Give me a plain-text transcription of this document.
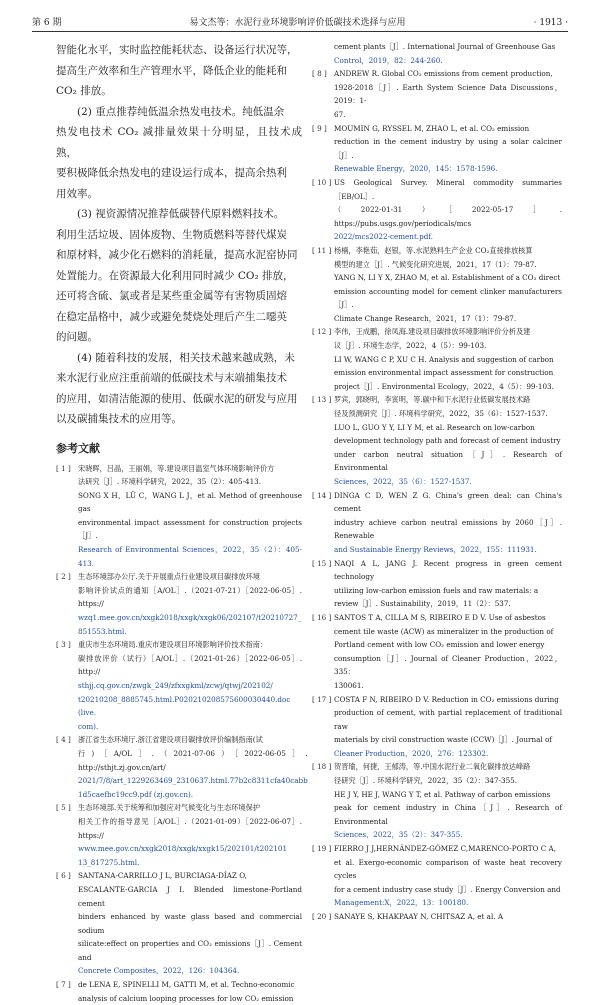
第 6 期	易文杰等：水泥行业环境影响评价低碳技术选择与应用	· 1913 ·
智能化水平，实时监控能耗状态、设备运行状况等，
提高生产效率和生产管理水平，降低企业的能耗和
CO₂ 排放。
(2) 重点推荐纯低温余热发电技术。纯低温余
热发电技术 CO₂ 减排量效果十分明显，且技术成熟，
要积极降低余热发电的建设运行成本，提高余热利
用效率。
(3) 视资源情况推荐低碳替代原料燃料技术。
利用生活垃圾、固体废物、生物质燃料等替代煤炭
和原材料，减少化石燃料的消耗量，提高水泥窑协同
处置能力。在资源最大化利用同时减少 CO₂ 排放，
还可将含硫、氯或者是某些重金属等有害物质固熔
在稳定晶格中，减少或避免焚烧处理后产生二噁英
的问题。
(4) 随着科技的发展，相关技术越来越成熟，未
来水泥行业应注重前端的低碳技术与末端捕集技术
的应用，如清洁能源的使用、低碳水泥的研发与应用
以及碳捕集技术的应用等。
参考文献
[ 1 ]	宋晓晖，吕晶，王丽娟，等.建设项目温室气体环境影响评价方
法研究［J］. 环境科学研究，2022，35（2）：405-413.
SONG X H，LÜ C，WANG L J，et al. Method of greenhouse gas
environmental impact assessment for construction projects［J］.
Research of Environmental Sciences，2022，35（2）：405-413.
[ 2 ]	生态环境部办公厅.关于开展重点行业建设项目碳排放环境
影响评价试点的通知［A/OL］.（2021-07-21）［2022-06-05］. https://
wzq1.mee.gov.cn/xxgk2018/xxgk/xxgk06/202107/t20210727_
851553.html.
[ 3 ]	重庆市生态环境局.重庆市建设项目环境影响评价技术指南：
碳排放评价（试行）［A/OL］.（2021-01-26）［2022-06-05］. http://
sthjj.cq.gov.cn/zwgk_249/zfxxgkml/zcwj/qtwj/202102/
t20210208_8885745.html.P020210208575600030440.doc (live.
com).
[ 4 ]	浙江省生态环境厅.浙江省建设项目碳排放评价编制指南(试
行)［A/OL］.（2021-07-06）［2022-06-05］. http://sthjt.zj.gov.cn/art/
2021/7/8/art_1229263469_2310637.html.77b2c8311cfa40cabb
1d5caefbc19cc9.pdf (zj.gov.cn).
[ 5 ]	生态环境部.关于统筹和加强应对气候变化与生态环境保护
相关工作的指导意见［A/OL］.（2021-01-09）［2022-06-07］. https://
www.mee.gov.cn/xxgk2018/xxgk/xxgk15/202101/t202101
13_817275.html.
[ 6 ]	SANTANA-CARRILLO J L, BURCIAGA-DÍAZ O,
ESCALANTE-GARCIA J I. Blended limestone-Portland cement
binders enhanced by waste glass based and commercial sodium
silicate:effect on properties and CO₂ emissions［J］. Cement and
Concrete Composites，2022，126：104364.
[ 7 ]	de LENA E, SPINELLI M, GATTI M, et al. Techno-economic
analysis of calcium looping processes for low CO₂ emission
cement plants［J］. International Journal of Greenhouse Gas
Control，2019，82：244-260.
[ 8 ]	ANDREW R. Global CO₂ emissions from cement production,
1928-2018［J］. Earth System Science Data Discussions，2019：1-
67.
[ 9 ]	MOUMIN G, RYSSEL M, ZHAO L, et al. CO₂ emission
reduction in the cement industry by using a solar calciner［J］.
Renewable Energy，2020，145：1578-1596.
[ 10 ] US Geological Survey. Mineral commodity summaries［EB/OL］.
（2022-01-31）［2022-05-17］. https://pubs.usgs.gov/periodicals/mcs
2022/mcs2022-cement.pdf.
[ 11 ] 杨楠，李艳茹，赵银，等.水泥熟料生产企业 CO₂直接排放核算
模型的建立［J］. 气候变化研究进展，2021，17（1）：79-87.
YANG N, LI Y X, ZHAO M, et al. Establishment of a CO₂ direct
emission accounting model for cement clinker manufacturers［J］.
Climate Change Research，2021，17（1）：79-87.
[ 12 ] 李伟，王成鹏，徐凤海.建设项目碳排放环境影响评价分析及建
议［J］. 环境生态学，2022，4（5）：99-103.
LI W, WANG C P, XU C H. Analysis and suggestion of carbon
emission environmental impact assessment for construction
project［J］. Environmental Ecology，2022，4（5）：99-103.
[ 13 ] 罗宾，郭晓明，李寅明，等.碳中和下水泥行业低碳发展技术路
径及预测研究［J］. 环境科学研究，2022，35（6）：1527-1537.
LUO L, GUO Y Y, LI Y M, et al. Research on low-carbon
development technology path and forecast of cement industry
under carbon neutral situation［J］. Research of Environmental
Sciences，2022，35（6）：1527-1537.
[ 14 ] DINGA C D, WEN Z G. China's green deal: can China's cement
industry achieve carbon neutral emissions by 2060［J］. Renewable
and Sustainable Energy Reviews，2022，155：111931.
[ 15 ] NAQI A L, JANG J. Recent progress in green cement technology
utilizing low-carbon emission fuels and raw materials: a
review［J］. Sustainability，2019，11（2）：537.
[ 16 ] SANTOS T A, CILLA M S, RIBEIRO E D V. Use of asbestos
cement tile waste (ACW) as mineralizer in the production of
Portland cement with low CO₂ emission and lower energy
consumption［J］. Journal of Cleaner Production，2022，335：
130061.
[ 17 ] COSTA F N, RIBEIRO D V. Reduction in CO₂ emissions during
production of cement, with partial replacement of traditional raw
materials by civil construction waste (CCW)［J］. Journal of
Cleaner Production，2020，276：123302.
[ 18 ] 贺晋瑜，何捷，王郁涛，等.中国水泥行业二氧化碳排放达峰路
径研究［J］. 环境科学研究，2022，35（2）：347-355.
HE J Y, HE J, WANG Y T, et al. Pathway of carbon emissions
peak for cement industry in China［J］. Research of Environmental
Sciences，2022，35（2）：347-355.
[ 19 ] FIERRO J J,HERNÁNDEZ-GÓMEZ C,MARENCO-PORTO C A,
et al. Exergo-economic comparison of waste heat recovery cycles
for a cement industry case study［J］. Energy Conversion and
Management:X，2022，13：100180.
[ 20 ] SANAYE S, KHAKPAAY N, CHITSAZ A, et al. A
